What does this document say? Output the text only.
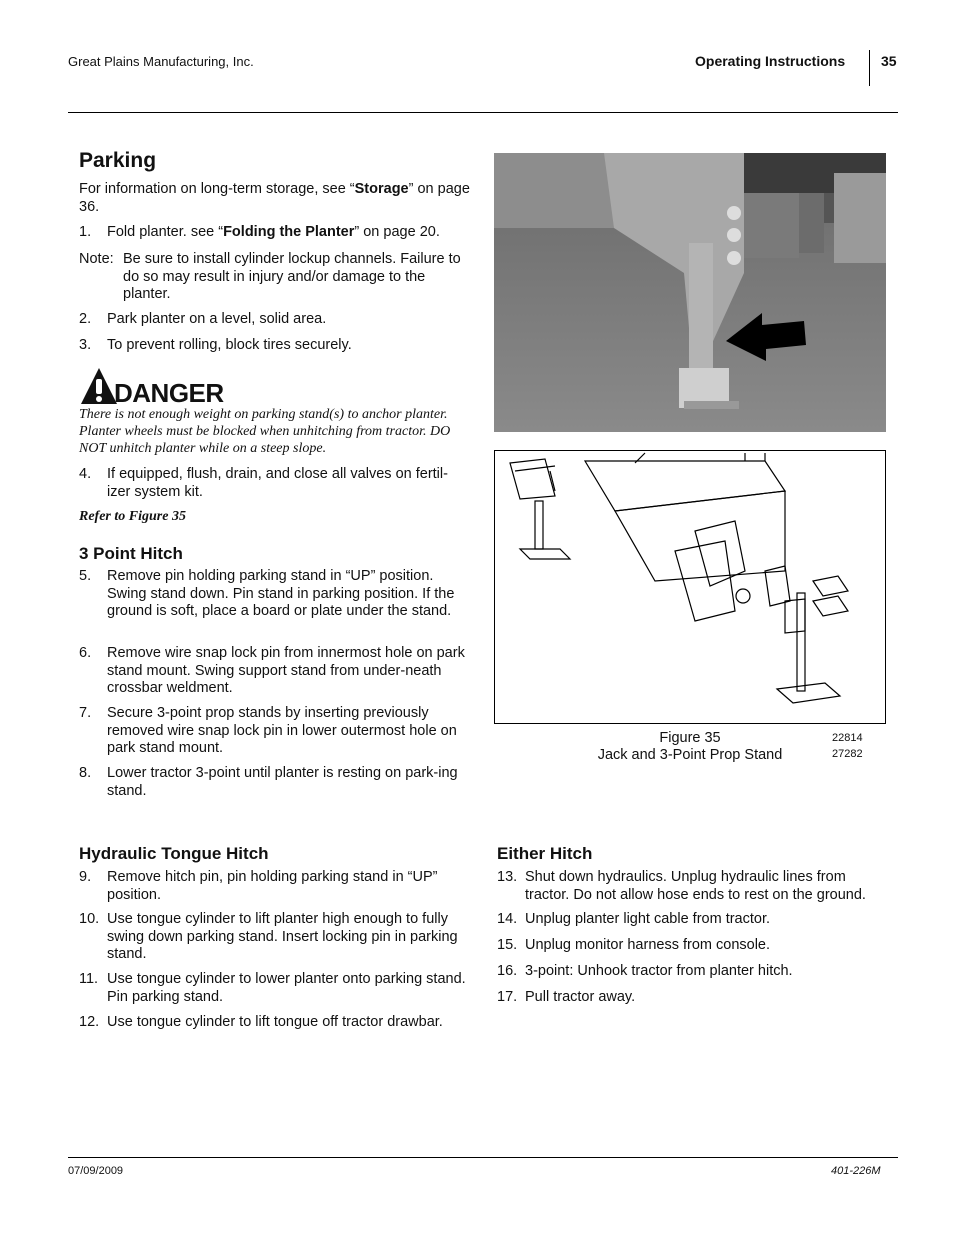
Great Plains Manufacturing, Inc.	Operating Instructions	35
Parking

For information on long-term storage, see “Storage” on page 36.

1. Fold planter. see “Folding the Planter” on page 20.
Note: Be sure to install cylinder lockup channels. Failure to do so may result in injury and/or damage to the planter.
2. Park planter on a level, solid area.
3. To prevent rolling, block tires securely.
DANGER
There is not enough weight on parking stand(s) to anchor planter. Planter wheels must be blocked when unhitching from tractor. DO NOT unhitch planter while on a steep slope.
4. If equipped, flush, drain, and close all valves on fertil-izer system kit.
Refer to Figure 35
3 Point Hitch
5. Remove pin holding parking stand in “UP” position. Swing stand down. Pin stand in parking position. If the ground is soft, place a board or plate under the stand.
6. Remove wire snap lock pin from innermost hole on park stand mount. Swing support stand from under-neath crossbar weldment.
7. Secure 3-point prop stands by inserting previously removed wire snap lock pin in lower outermost hole on park stand mount.
8. Lower tractor 3-point until planter is resting on park-ing stand.
Figure 35
Jack and 3-Point Prop Stand
22814
27282
Hydraulic Tongue Hitch
9. Remove hitch pin, pin holding parking stand in “UP” position.
10. Use tongue cylinder to lift planter high enough to fully swing down parking stand. Insert locking pin in parking stand.
11. Use tongue cylinder to lower planter onto parking stand. Pin parking stand.
12. Use tongue cylinder to lift tongue off tractor drawbar.
Either Hitch
13. Shut down hydraulics. Unplug hydraulic lines from tractor. Do not allow hose ends to rest on the ground.
14. Unplug planter light cable from tractor.
15. Unplug monitor harness from console.
16. 3-point: Unhook tractor from planter hitch.
17. Pull tractor away.
07/09/2009	401-226M
